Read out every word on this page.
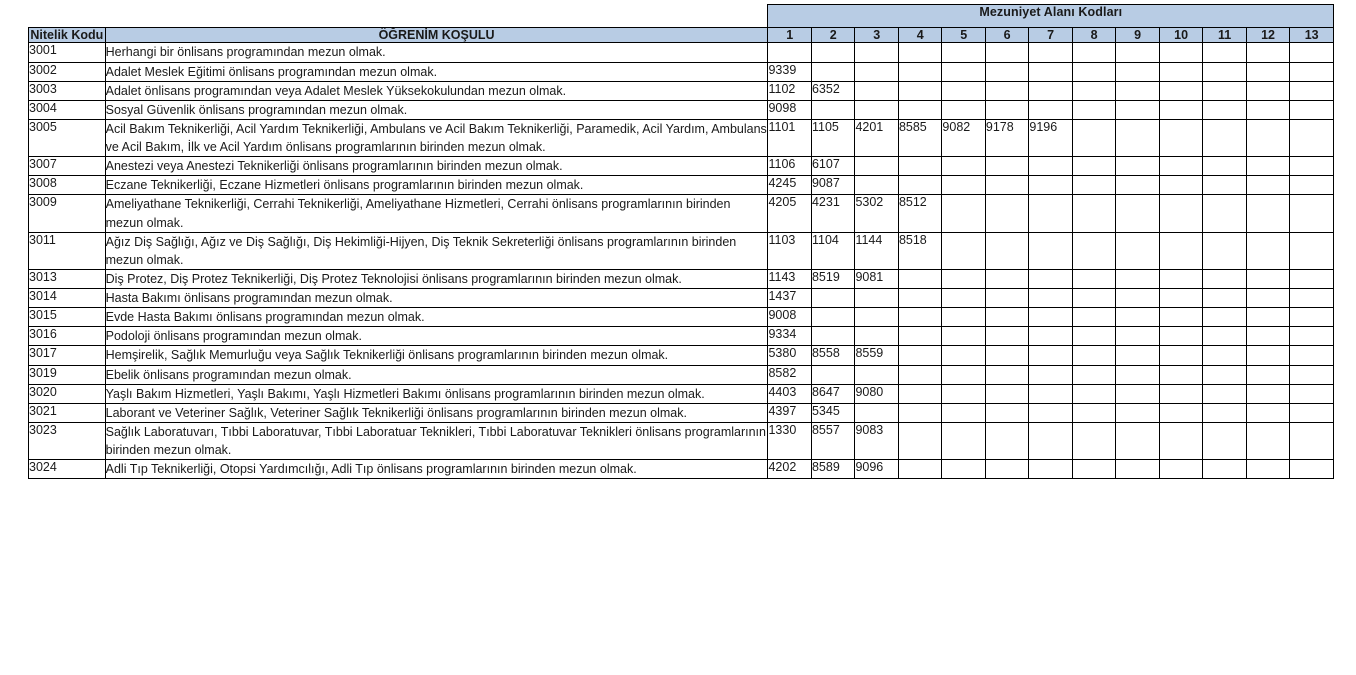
		Mezuniyet Alanı Kodları												
Nitelik Kodu	ÖĞRENİM KOŞULU	1	2	3	4	5	6	7	8	9	10	11	12	13
3001	Herhangi bir önlisans programından mezun olmak.													
3002	Adalet Meslek Eğitimi önlisans programından mezun olmak.	9339												
3003	Adalet önlisans programından veya Adalet Meslek Yüksekokulundan mezun olmak.	1102	6352											
3004	Sosyal Güvenlik önlisans programından mezun olmak.	9098												
3005	Acil Bakım Teknikerliği, Acil Yardım Teknikerliği, Ambulans ve Acil Bakım Teknikerliği, Paramedik, Acil Yardım, Ambulans ve Acil Bakım, İlk ve Acil Yardım önlisans programlarının birinden mezun olmak.	1101	1105	4201	8585	9082	9178	9196						
3007	Anestezi veya Anestezi Teknikerliği önlisans programlarının birinden mezun olmak.	1106	6107											
3008	Eczane Teknikerliği, Eczane Hizmetleri önlisans programlarının birinden mezun olmak.	4245	9087											
3009	Ameliyathane Teknikerliği, Cerrahi Teknikerliği, Ameliyathane Hizmetleri, Cerrahi önlisans programlarının birinden mezun olmak.	4205	4231	5302	8512									
3011	Ağız Diş Sağlığı, Ağız ve Diş Sağlığı, Diş Hekimliği-Hijyen, Diş Teknik Sekreterliği önlisans programlarının birinden mezun olmak.	1103	1104	1144	8518									
3013	Diş Protez, Diş Protez Teknikerliği, Diş Protez Teknolojisi önlisans programlarının birinden mezun olmak.	1143	8519	9081										
3014	Hasta Bakımı önlisans programından mezun olmak.	1437												
3015	Evde Hasta Bakımı önlisans programından mezun olmak.	9008												
3016	Podoloji önlisans programından mezun olmak.	9334												
3017	Hemşirelik, Sağlık Memurluğu veya Sağlık Teknikerliği önlisans programlarının birinden mezun olmak.	5380	8558	8559										
3019	Ebelik önlisans programından mezun olmak.	8582												
3020	Yaşlı Bakım Hizmetleri, Yaşlı Bakımı, Yaşlı Hizmetleri Bakımı önlisans programlarının birinden mezun olmak.	4403	8647	9080										
3021	Laborant ve Veteriner Sağlık, Veteriner Sağlık Teknikerliği önlisans programlarının birinden mezun olmak.	4397	5345											
3023	Sağlık Laboratuvarı, Tıbbi Laboratuvar, Tıbbi Laboratuar Teknikleri, Tıbbi Laboratuvar Teknikleri önlisans programlarının birinden mezun olmak.	1330	8557	9083										
3024	Adli Tıp Teknikerliği, Otopsi Yardımcılığı, Adli Tıp önlisans programlarının birinden mezun olmak.	4202	8589	9096										
